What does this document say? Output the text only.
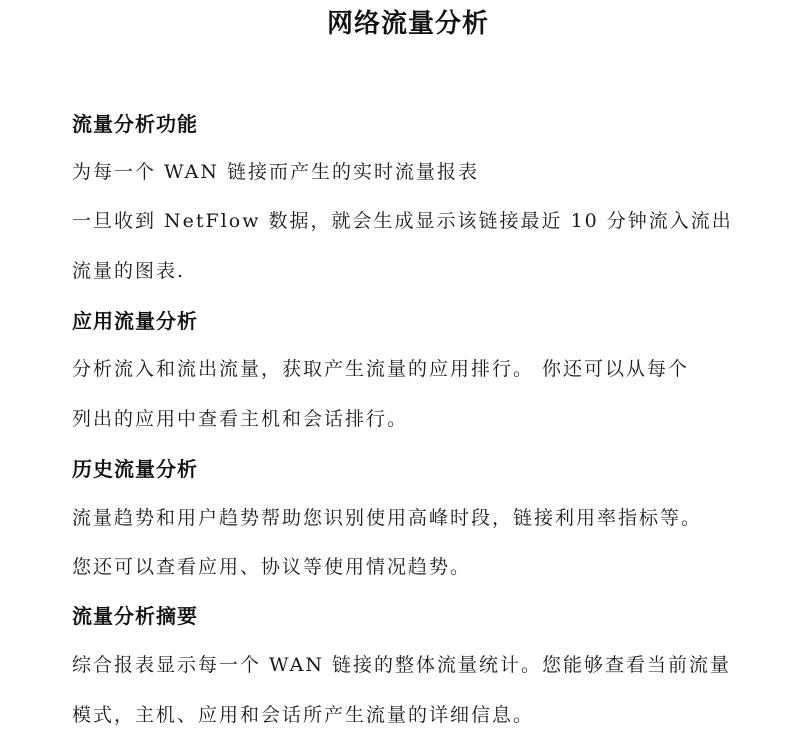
网络流量分析
流量分析功能
为每一个 WAN 链接而产生的实时流量报表
一旦收到 NetFlow 数据，就会生成显示该链接最近 10 分钟流入流出
流量的图表.
应用流量分析
分析流入和流出流量，获取产生流量的应用排行。 你还可以从每个
列出的应用中查看主机和会话排行。
历史流量分析
流量趋势和用户趋势帮助您识别使用高峰时段，链接利用率指标等。
您还可以查看应用、协议等使用情况趋势。
流量分析摘要
综合报表显示每一个 WAN 链接的整体流量统计。您能够查看当前流量
模式，主机、应用和会话所产生流量的详细信息。
